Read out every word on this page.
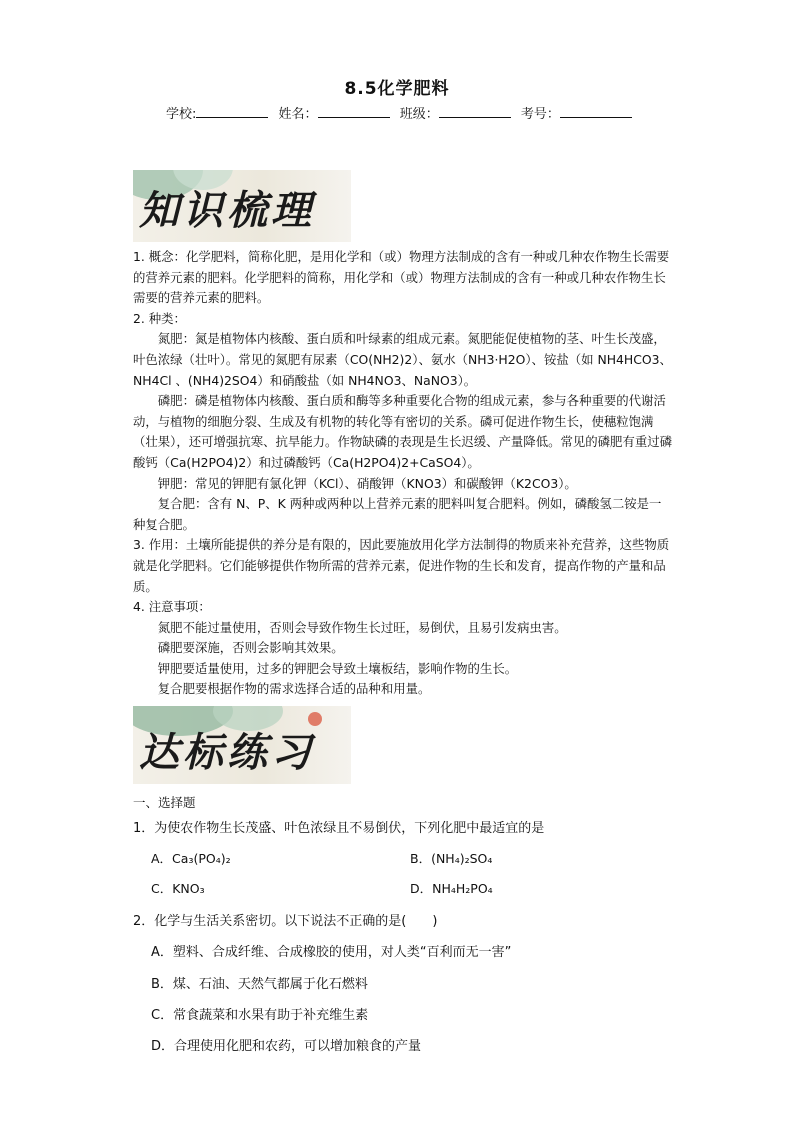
8.5化学肥料
学校:	姓名：	班级：	考号：
知识梳理

1. 概念：化学肥料，简称化肥，是用化学和（或）物理方法制成的含有一种或几种农作物生长需要的营养元素的肥料。化学肥料的简称，用化学和（或）物理方法制成的含有一种或几种农作物生长需要的营养元素的肥料。

2. 种类：

氮肥：氮是植物体内核酸、蛋白质和叶绿素的组成元素。氮肥能促使植物的茎、叶生长茂盛，叶色浓绿（壮叶）。常见的氮肥有尿素（CO(NH2)2）、氨水（NH3·H2O）、铵盐（如 NH4HCO3、NH4Cl 、(NH4)2SO4）和硝酸盐（如 NH4NO3、NaNO3）。

磷肥：磷是植物体内核酸、蛋白质和酶等多种重要化合物的组成元素，参与各种重要的代谢活动，与植物的细胞分裂、生成及有机物的转化等有密切的关系。磷可促进作物生长，使穗粒饱满（壮果），还可增强抗寒、抗旱能力。作物缺磷的表现是生长迟缓、产量降低。常见的磷肥有重过磷酸钙（Ca(H2PO4)2）和过磷酸钙（Ca(H2PO4)2+CaSO4）。

钾肥：常见的钾肥有氯化钾（KCl）、硝酸钾（KNO3）和碳酸钾（K2CO3）。

复合肥：含有 N、P、K 两种或两种以上营养元素的肥料叫复合肥料。例如，磷酸氢二铵是一种复合肥。

3. 作用：土壤所能提供的养分是有限的，因此要施放用化学方法制得的物质来补充营养，这些物质就是化学肥料。它们能够提供作物所需的营养元素，促进作物的生长和发育，提高作物的产量和品质。

4. 注意事项：

氮肥不能过量使用，否则会导致作物生长过旺，易倒伏，且易引发病虫害。

磷肥要深施，否则会影响其效果。

钾肥要适量使用，过多的钾肥会导致土壤板结，影响作物的生长。

复合肥要根据作物的需求选择合适的品种和用量。

达标练习
一、选择题
1．为使农作物生长茂盛、叶色浓绿且不易倒伏，下列化肥中最适宜的是
A．Ca₃(PO₄)₂	B．(NH₄)₂SO₄
C．KNO₃	D．NH₄H₂PO₄
2．化学与生活关系密切。以下说法不正确的是(　　)
A．塑料、合成纤维、合成橡胶的使用，对人类“百利而无一害”
B．煤、石油、天然气都属于化石燃料
C．常食蔬菜和水果有助于补充维生素
D．合理使用化肥和农药，可以增加粮食的产量
